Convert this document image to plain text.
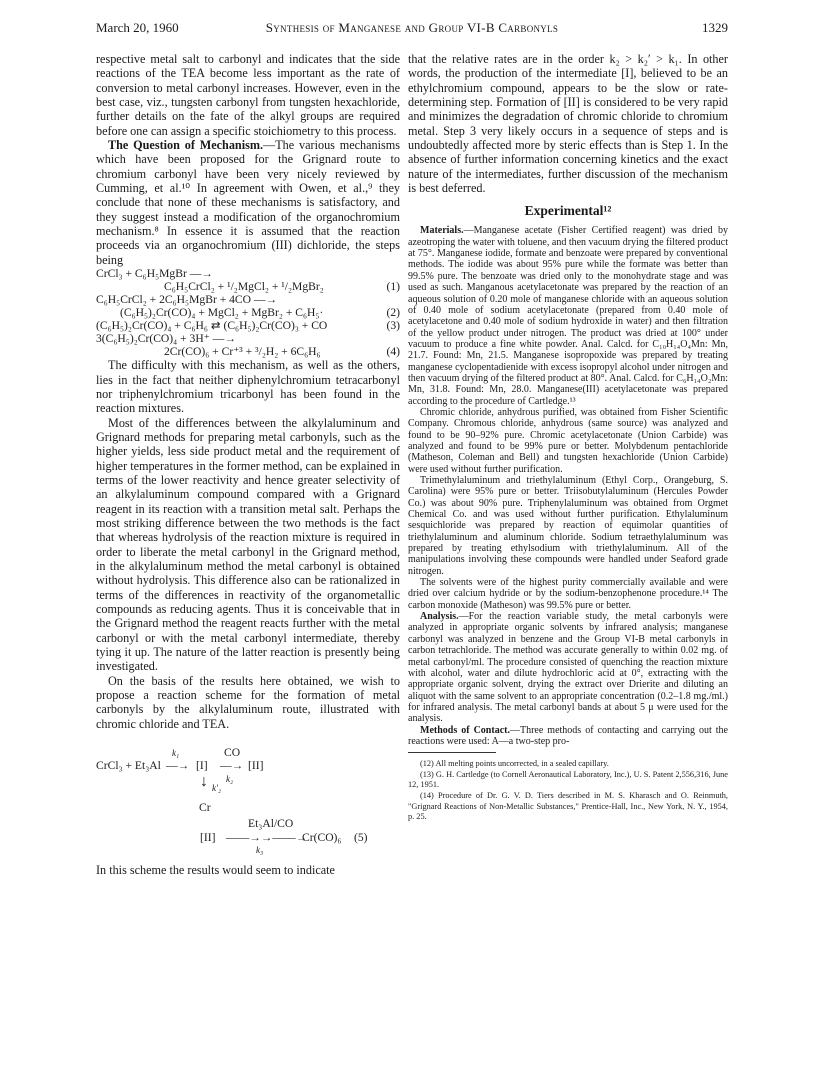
March 20, 1960	Synthesis of Manganese and Group VI-B Carbonyls	1329

respective metal salt to carbonyl and indicates that the side reactions of the TEA become less important as the rate of conversion to metal carbonyl increases. However, even in the best case, viz., tungsten carbonyl from tungsten hexachloride, further details on the fate of the alkyl groups are required before one can assign a specific stoichiometry to this process.

The Question of Mechanism.—The various mechanisms which have been proposed for the Grignard route to chromium carbonyl have been very nicely reviewed by Cumming, et al.¹⁰ In agreement with Owen, et al.,⁹ they conclude that none of these mechanisms is satisfactory, and they suggest instead a modification of the organochromium mechanism.⁸ In essence it is assumed that the reaction proceeds via an organochromium (III) dichloride, the steps being

CrCl₃ + C₆H₅MgBr —→
C₆H₅CrCl₂ + ¹/₂MgCl₂ + ¹/₂MgBr₂	(1)
C₆H₅CrCl₂ + 2C₆H₅MgBr + 4CO —→
(C₆H₅)₂Cr(CO)₄ + MgCl₂ + MgBr₂ + C₆H₅·	(2)
(C₆H₅)₂Cr(CO)₄ + C₆H₆ ⇄ (C₆H₅)₂Cr(CO)₃ + CO	(3)
3(C₆H₅)₂Cr(CO)₄ + 3H⁺ —→
2Cr(CO)₆ + Cr⁺³ + ³/₂H₂ + 6C₆H₆	(4)

The difficulty with this mechanism, as well as the others, lies in the fact that neither diphenylchromium tetracarbonyl nor triphenylchromium tricarbonyl has been found in the reaction mixtures.

Most of the differences between the alkylaluminum and Grignard methods for preparing metal carbonyls, such as the higher yields, less side product metal and the requirement of higher temperatures in the former method, can be explained in terms of the lower reactivity and hence greater selectivity of an alkylaluminum compound compared with a Grignard reagent in its reaction with a transition metal salt. Perhaps the most striking difference between the two methods is the fact that whereas hydrolysis of the reaction mixture is required in order to liberate the metal carbonyl in the Grignard method, in the alkylaluminum method the metal carbonyl is obtained without hydrolysis. This difference also can be rationalized in terms of the differences in reactivity of the organometallic compounds as reducing agents. Thus it is conceivable that in the Grignard method the reagent reacts further with the metal carbonyl or with the metal carbonyl intermediate, thereby tying it up. The nature of the latter reaction is presently being investigated.

On the basis of the results here obtained, we wish to propose a reaction scheme for the formation of metal carbonyls by the alkylaluminum route, illustrated with chromic chloride and TEA.

CrCl₃ + Et₃Al
k₁
—→ [I]
CO
—→
k₂
[II]
↓ k′₂
Cr
Et₃Al/CO
[II] ——→→——→
k₃
Cr(CO)₆ (5)

In this scheme the results would seem to indicate

that the relative rates are in the order k₂ > k₂′ > k₁. In other words, the production of the intermediate [I], believed to be an ethylchromium compound, appears to be the slow or rate-determining step. Formation of [II] is considered to be very rapid and minimizes the degradation of chromic chloride to chromium metal. Step 3 very likely occurs in a sequence of steps and is undoubtedly affected more by steric effects than is Step 1. In the absence of further information concerning kinetics and the exact nature of the intermediates, further discussion of the mechanism is best deferred.

Experimental¹²

Materials.—Manganese acetate (Fisher Certified reagent) was dried by azeotroping the water with toluene, and then vacuum drying the filtered product at 75°. Manganese iodide, formate and benzoate were prepared by conventional methods. The iodide was about 95% pure while the formate was better than 99.5% pure. The benzoate was dried only to the monohydrate stage and was used as such. Manganous acetylacetonate was prepared by the reaction of an aqueous solution of 0.20 mole of manganese chloride with an aqueous solution of 0.40 mole of sodium acetylacetonate (prepared from 0.40 mole of acetylacetone and 0.40 mole of sodium hydroxide in water) and then filtration of the yellow product under nitrogen. The product was dried at 100° under vacuum to produce a fine white powder. Anal. Calcd. for C₁₀H₁₄O₄Mn: Mn, 21.7. Found: Mn, 21.5. Manganese isopropoxide was prepared by treating manganese cyclopentadienide with excess isopropyl alcohol under nitrogen and then vacuum drying of the filtered product at 80°. Anal. Calcd. for C₆H₁₄O₂Mn: Mn, 31.8. Found: Mn, 28.0. Manganese(III) acetylacetonate was prepared according to the procedure of Cartledge.¹³

Chromic chloride, anhydrous purified, was obtained from Fisher Scientific Company. Chromous chloride, anhydrous (same source) was analyzed and found to be 90–92% pure. Chromic acetylacetonate (Union Carbide) was analyzed and found to be 99% pure or better. Molybdenum pentachloride (Matheson, Coleman and Bell) and tungsten hexachloride (Union Carbide) were used without further purification.

Trimethylaluminum and triethylaluminum (Ethyl Corp., Orangeburg, S. Carolina) were 95% pure or better. Triisobutylaluminum (Hercules Powder Co.) was about 90% pure. Triphenylaluminum was obtained from Orgmet Chemical Co. and was used without further purification. Ethylaluminum sesquichloride was prepared by reaction of equimolar quantities of triethylaluminum and aluminum chloride. Sodium tetraethylaluminum was prepared by treating ethylsodium with triethylaluminum. All of the manipulations involving these compounds were handled under Seaford grade nitrogen.

The solvents were of the highest purity commercially available and were dried over calcium hydride or by the sodium-benzophenone procedure.¹⁴ The carbon monoxide (Matheson) was 99.5% pure or better.

Analysis.—For the reaction variable study, the metal carbonyls were analyzed in appropriate organic solvents by infrared analysis; manganese carbonyl was analyzed in benzene and the Group VI-B metal carbonyls in carbon tetrachloride. The method was accurate generally to within 0.02 mg. of metal carbonyl/ml. The procedure consisted of quenching the reaction mixture with alcohol, water and dilute hydrochloric acid at 0°, extracting with the appropriate organic solvent, drying the extract over Drierite and diluting an aliquot with the same solvent to an appropriate concentration (0.2–1.8 mg./ml.) for infrared analysis. The metal carbonyl bands at about 5 μ were used for the analysis.

Methods of Contact.—Three methods of contacting and carrying out the reactions were used: A—a two-step pro-

(12) All melting points uncorrected, in a sealed capillary.

(13) G. H. Cartledge (to Cornell Aeronautical Laboratory, Inc.), U. S. Patent 2,556,316, June 12, 1951.

(14) Procedure of Dr. G. V. D. Tiers described in M. S. Kharasch and O. Reinmuth, "Grignard Reactions of Non-Metallic Substances," Prentice-Hall, Inc., New York, N. Y., 1954, p. 25.
